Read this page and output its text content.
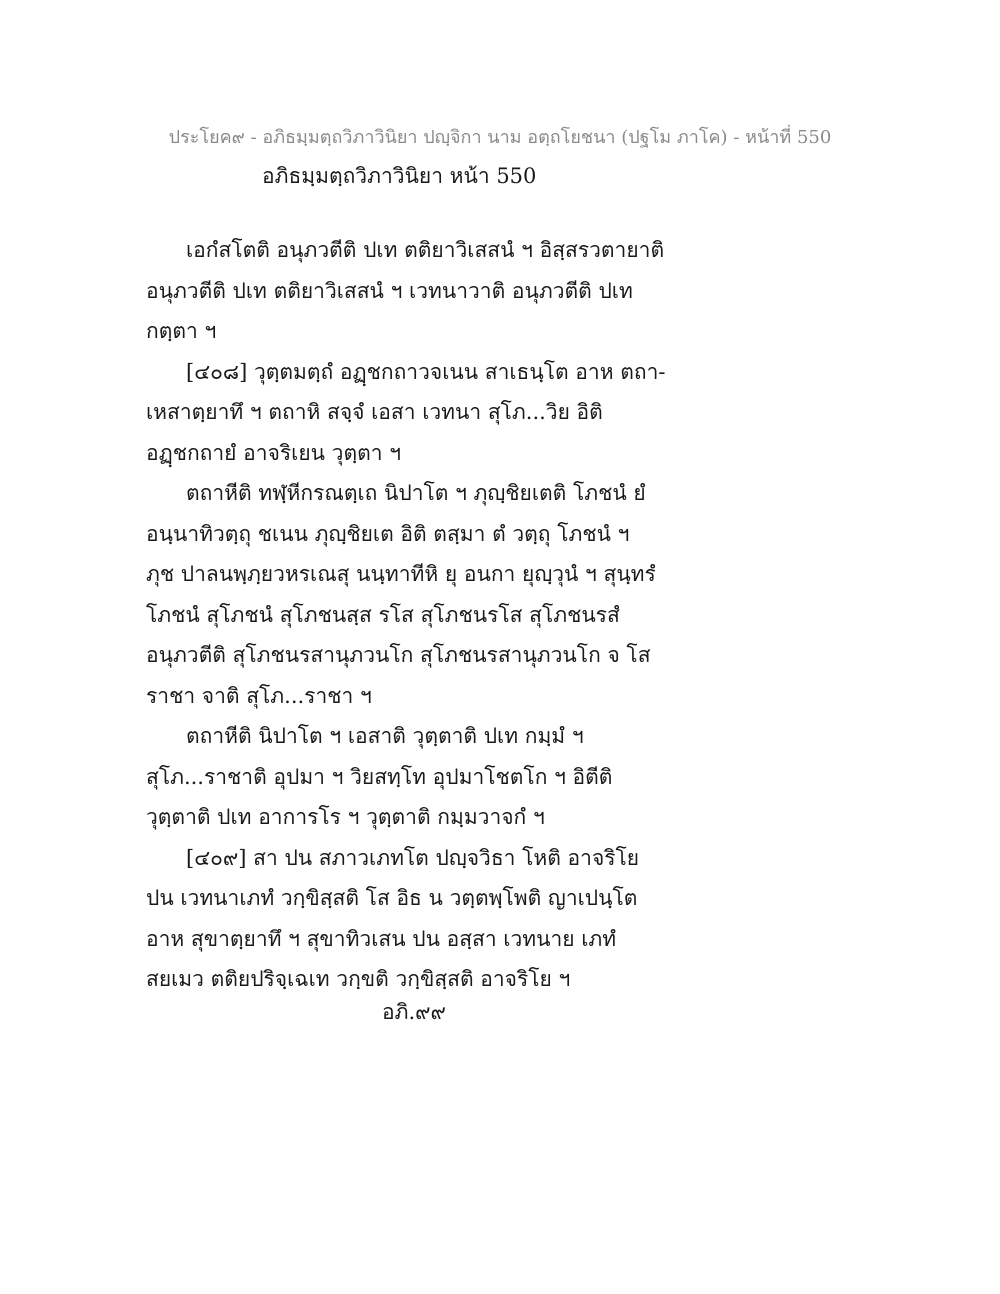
ประโยค๙ - อภิธมฺมตฺถวิภาวินิยา ปญฺจิกา นาม อตฺถโยชนา (ปฐโม ภาโค) - หน้าที่ 550
อภิธมฺมตฺถวิภาวินิยา หน้า 550
เอกํสโตติ อนุภวตีติ ปเท ตติยาวิเสสนํ ฯ อิสฺสรวตายาติ
อนุภวตีติ ปเท ตติยาวิเสสนํ ฯ เวทนาวาติ อนุภวตีติ ปเท
กตฺตา ฯ
[๔๐๘] วุตฺตมตฺถํ อฏฺชกถาวจเนน สาเธนฺโต อาห ตถา-
เหสาตฺยาทึ ฯ ตถาหิ สจฺจํ เอสา เวทนา สุโภ...วิย อิติ
อฏฺชกถายํ อาจริเยน วุตฺตา ฯ
ตถาหีติ ทฬฺหีกรณตฺเถ นิปาโต ฯ ภุญฺชิยเตติ โภชนํ ยํ
อนฺนาทิวตฺถุ ชเนน ภุญฺชิยเต อิติ ตสฺมา ตํ วตฺถุ โภชนํ ฯ
ภุช ปาลนพฺภฺยวหรเณสุ นนฺทาทีหิ ยุ อนกา ยุญฺวุนํ ฯ สุนฺทรํ
โภชนํ สุโภชนํ สุโภชนสฺส รโส สุโภชนรโส สุโภชนรสํ
อนุภวตีติ สุโภชนรสานุภวนโก สุโภชนรสานุภวนโก จ โส
ราชา จาติ สุโภ...ราชา ฯ
ตถาหีติ นิปาโต ฯ เอสาติ วุตฺตาติ ปเท กมฺมํ ฯ
สุโภ...ราชาติ อุปมา ฯ วิยสทฺโท อุปมาโชตโก ฯ อิตีติ
วุตฺตาติ ปเท อาการโร ฯ วุตฺตาติ กมฺมวาจกํ ฯ
[๔๐๙] สา ปน สภาวเภทโต ปญฺจวิธา โหติ อาจริโย
ปน เวทนาเภทํ วกฺขิสฺสติ โส อิธ น วตฺตพฺโพติ ญาเปนฺโต
อาห สุขาตฺยาทึ ฯ สุขาทิวเสน ปน อสฺสา เวทนาย เภทํ
สยเมว ตติยปริจฺเฉเท วกฺขติ วกฺขิสฺสติ อาจริโย ฯ
อภิ.๙๙
